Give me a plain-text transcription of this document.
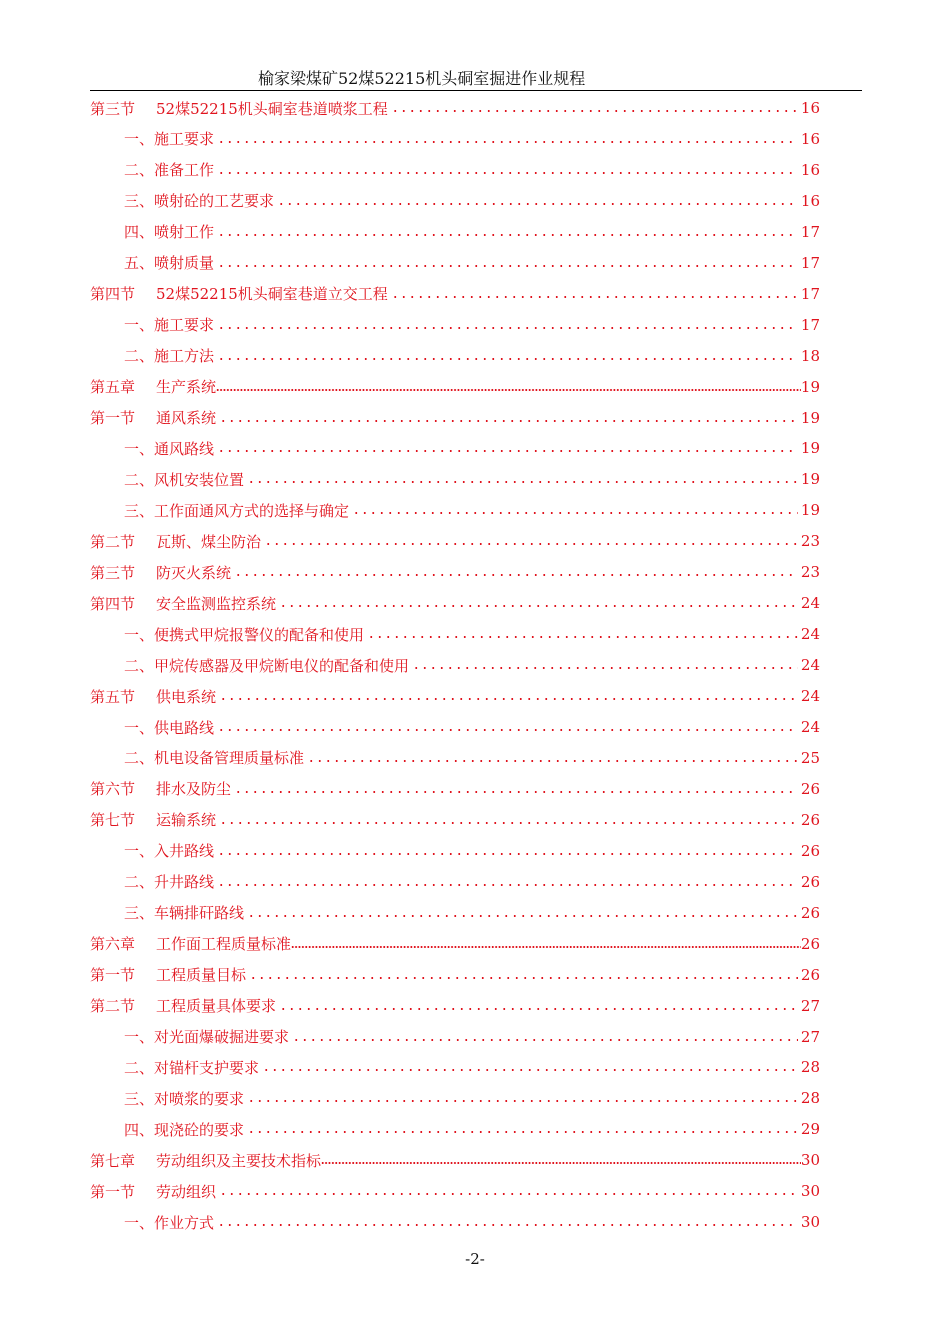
榆家梁煤矿52煤52215机头硐室掘进作业规程
第三节 52煤52215机头硐室巷道喷浆工程	16
一、施工要求	16
二、准备工作	16
三、喷射砼的工艺要求	16
四、喷射工作	17
五、喷射质量	17
第四节 52煤52215机头硐室巷道立交工程	17
一、施工要求	17
二、施工方法	18
第五章 生产系统	19
第一节 通风系统	19
一、通风路线	19
二、风机安装位置	19
三、工作面通风方式的选择与确定	19
第二节 瓦斯、煤尘防治	23
第三节 防灭火系统	23
第四节 安全监测监控系统	24
一、便携式甲烷报警仪的配备和使用	24
二、甲烷传感器及甲烷断电仪的配备和使用	24
第五节 供电系统	24
一、供电路线	24
二、机电设备管理质量标准	25
第六节 排水及防尘	26
第七节 运输系统	26
一、入井路线	26
二、升井路线	26
三、车辆排矸路线	26
第六章 工作面工程质量标准	26
第一节 工程质量目标	26
第二节 工程质量具体要求	27
一、对光面爆破掘进要求	27
二、对锚杆支护要求	28
三、对喷浆的要求	28
四、现浇砼的要求	29
第七章 劳动组织及主要技术指标	30
第一节 劳动组织	30
一、作业方式	30
-2-
